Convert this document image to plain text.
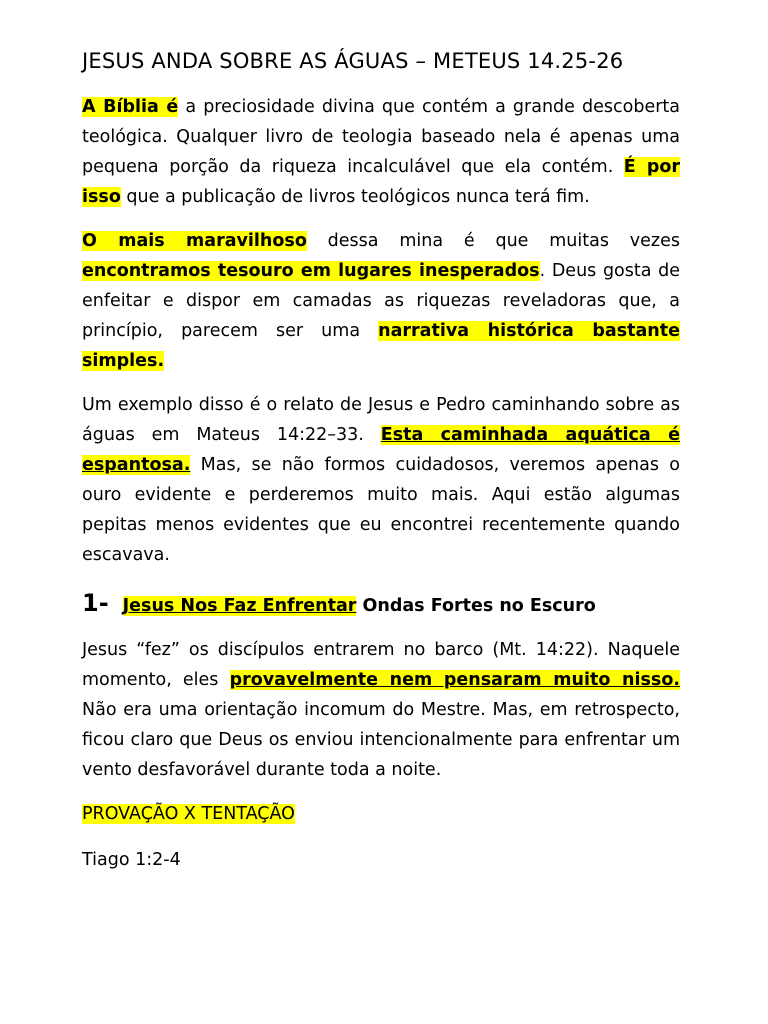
JESUS ANDA SOBRE AS ÁGUAS – METEUS 14.25-26

A Bíblia é a preciosidade divina que contém a grande descoberta teológica. Qualquer livro de teologia baseado nela é apenas uma pequena porção da riqueza incalculável que ela contém. É por isso que a publicação de livros teológicos nunca terá fim.

O mais maravilhoso dessa mina é que muitas vezes encontramos tesouro em lugares inesperados. Deus gosta de enfeitar e dispor em camadas as riquezas reveladoras que, a princípio, parecem ser uma narrativa histórica bastante simples.

Um exemplo disso é o relato de Jesus e Pedro caminhando sobre as águas em Mateus 14:22–33. Esta caminhada aquática é espantosa. Mas, se não formos cuidadosos, veremos apenas o ouro evidente e perderemos muito mais. Aqui estão algumas pepitas menos evidentes que eu encontrei recentemente quando escavava.

1- Jesus Nos Faz Enfrentar Ondas Fortes no Escuro

Jesus “fez” os discípulos entrarem no barco (Mt. 14:22). Naquele momento, eles provavelmente nem pensaram muito nisso. Não era uma orientação incomum do Mestre. Mas, em retrospecto, ficou claro que Deus os enviou intencionalmente para enfrentar um vento desfavorável durante toda a noite.

PROVAÇÃO X TENTAÇÃO

Tiago 1:2-4
